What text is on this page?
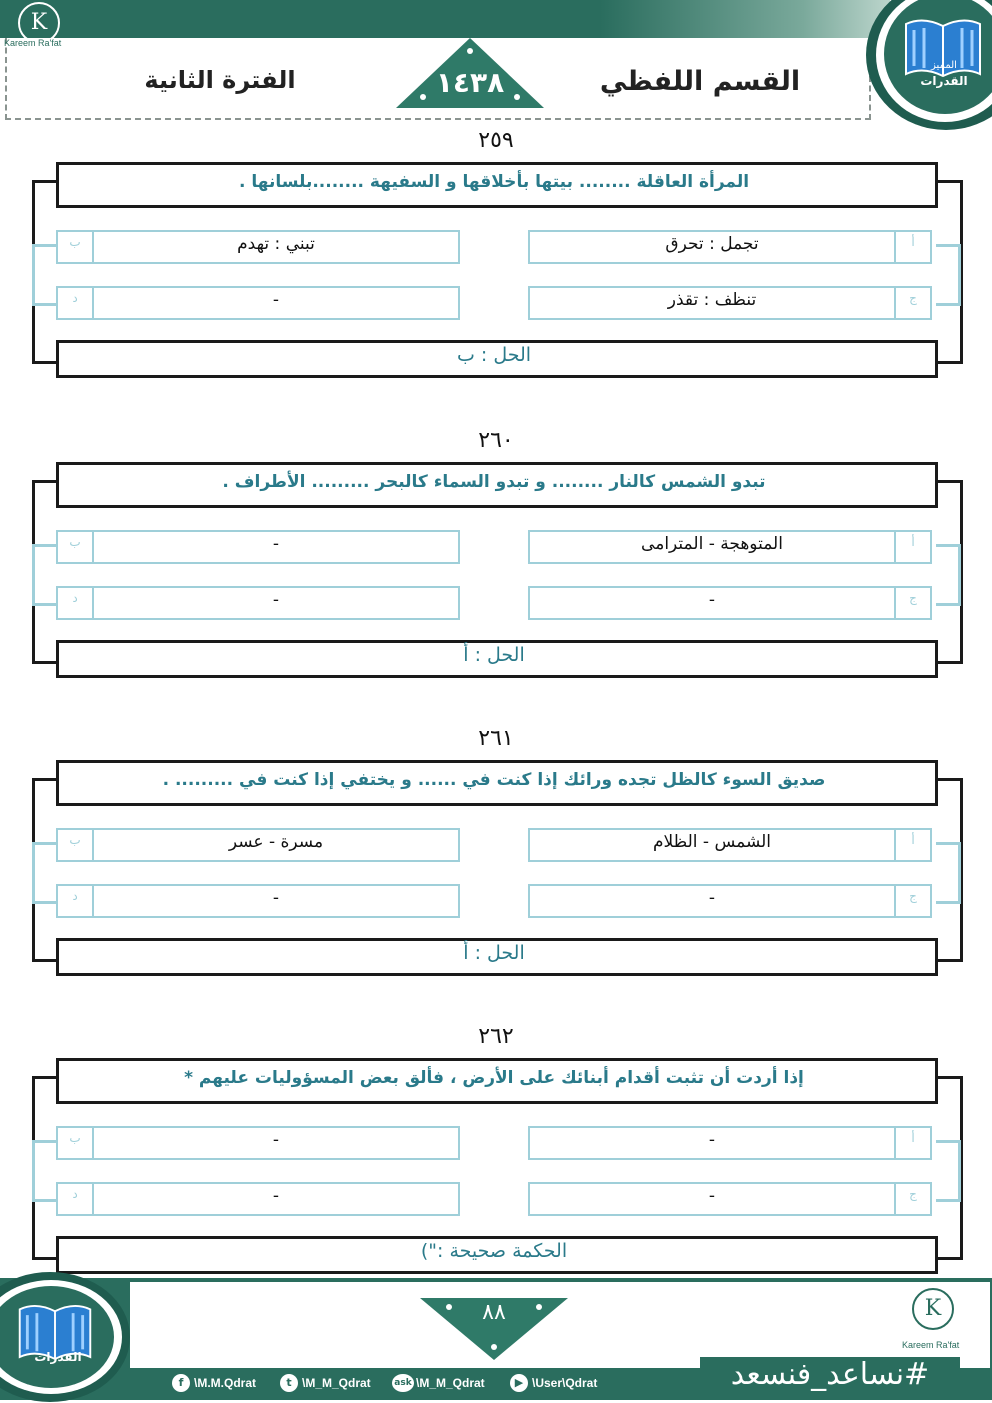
K
Kareem Ra'fat
١٤٣٨	القسم اللفظي
الفترة الثانية
المميز
القدرات
٢٥٩
المرأة العاقلة ........ بيتها بأخلاقها و السفيهة ........بلسانها .
أ
تجمل : تحرق
ب	تبني : تهدم
ج
تنظف : تقذر
د	-
الحل : ب
٢٦٠
تبدو الشمس كالنار ........ و تبدو السماء كالبحر ......... الأطراف .
أ
المتوهجة - المترامى
ب	-
ج
-
د	-
الحل : أ
٢٦١
صديق السوء كالظل تجده ورائك إذا كنت في ...... و يختفي إذا كنت في ......... .
أ
الشمس - الظلام
ب	مسرة - عسر
ج
-
د	-
الحل : أ
٢٦٢
إذا أردت أن تثبت أقدام أبنائك على الأرض ، فألق بعض المسؤوليات عليهم *
أ
-
ب	-
ج
-
د	-
الحكمة صحيحة :")
القدرات
٨٨	K
Kareem Ra'fat
#نساعد_فنسعد
f \M.M.Qdrat	t \M_M_Qdrat	ask \M_M_Qdrat	▶ \User\Qdrat
